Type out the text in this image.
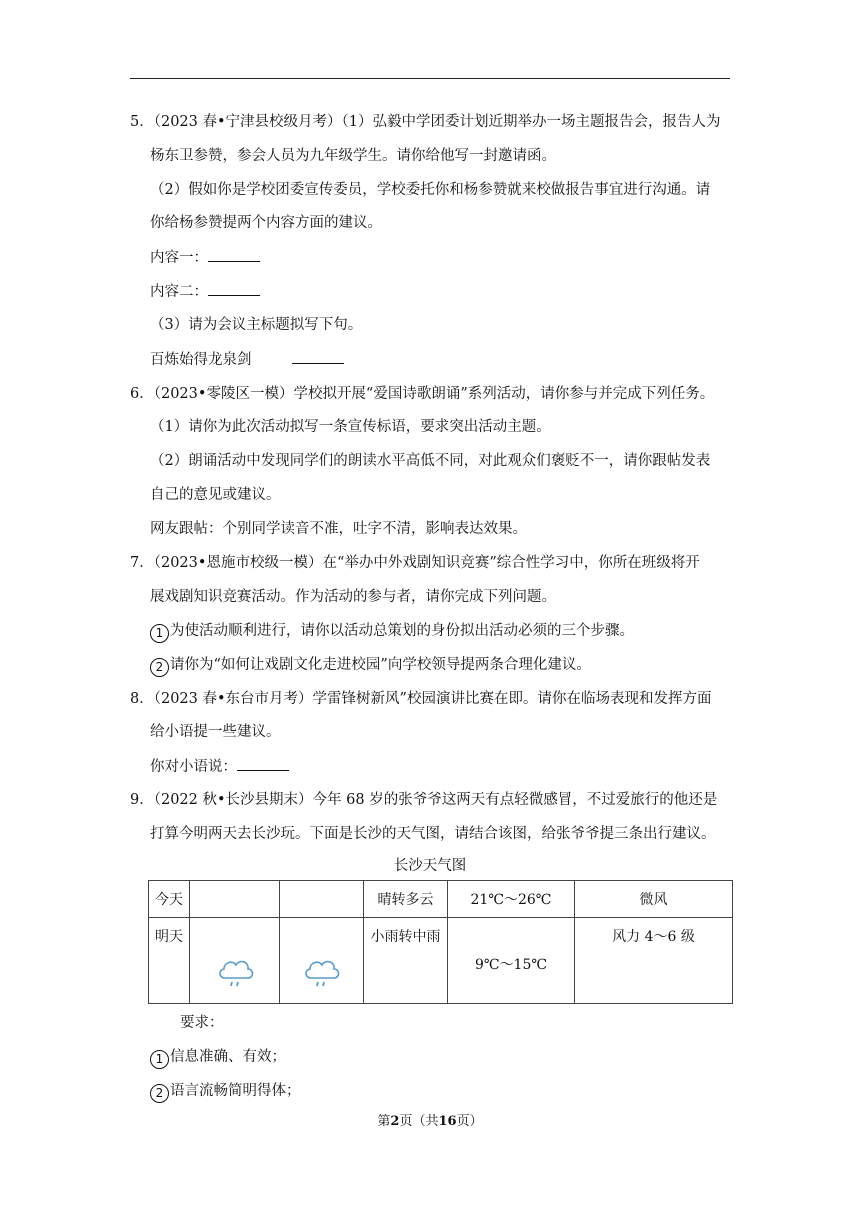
5．（2023 春•宁津县校级月考）（1）弘毅中学团委计划近期举办一场主题报告会，报告人为
杨东卫参赞，参会人员为九年级学生。请你给他写一封邀请函。
（2）假如你是学校团委宣传委员，学校委托你和杨参赞就来校做报告事宜进行沟通。请
你给杨参赞提两个内容方面的建议。
内容一：
内容二：
（3）请为会议主标题拟写下句。
百炼始得龙泉剑
6．（2023•零陵区一模）学校拟开展“爱国诗歌朗诵”系列活动，请你参与并完成下列任务。
（1）请你为此次活动拟写一条宣传标语，要求突出活动主题。
（2）朗诵活动中发现同学们的朗读水平高低不同，对此观众们褒贬不一，请你跟帖发表
自己的意见或建议。
网友跟帖：个别同学读音不准，吐字不清，影响表达效果。
7．（2023•恩施市校级一模）在“举办中外戏剧知识竞赛”综合性学习中，你所在班级将开
展戏剧知识竞赛活动。作为活动的参与者，请你完成下列问题。
1 为使活动顺利进行，请你以活动总策划的身份拟出活动必须的三个步骤。
2 请你为“如何让戏剧文化走进校园”向学校领导提两条合理化建议。
8．（2023 春•东台市月考）学雷锋树新风”校园演讲比赛在即。请你在临场表现和发挥方面
给小语提一些建议。
你对小语说：
9．（2022 秋•长沙县期末）今年 68 岁的张爷爷这两天有点轻微感冒，不过爱旅行的他还是
打算今明两天去长沙玩。下面是长沙的天气图，请结合该图，给张爷爷提三条出行建议。
长沙天气图
今天			晴转多云	21℃～26℃	微风
明天			小雨转中雨	9℃～15℃	风力 4～6 级
要求：
1 信息准确、有效；
2 语言流畅简明得体；
第2页（共16页）
